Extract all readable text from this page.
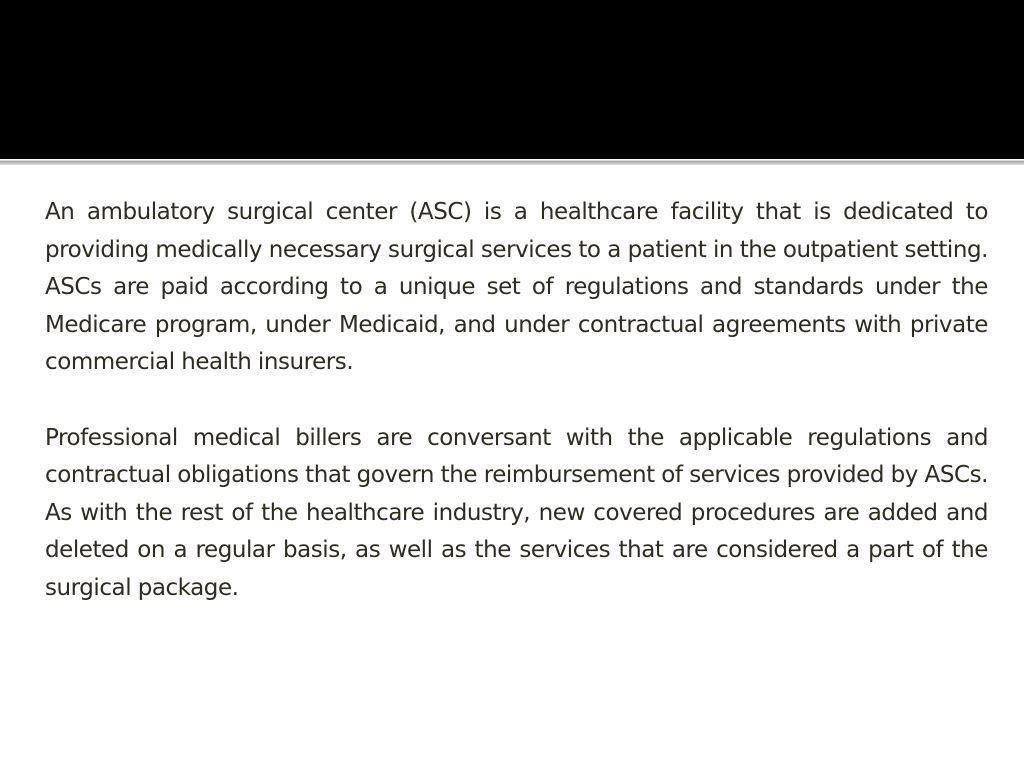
An ambulatory surgical center (ASC) is a healthcare facility that is dedicated to providing medically necessary surgical services to a patient in the outpatient setting. ASCs are paid according to a unique set of regulations and standards under the Medicare program, under Medicaid, and under contractual agreements with private commercial health insurers.

Professional medical billers are conversant with the applicable regulations and contractual obligations that govern the reimbursement of services provided by ASCs. As with the rest of the healthcare industry, new covered procedures are added and deleted on a regular basis, as well as the services that are considered a part of the surgical package.
